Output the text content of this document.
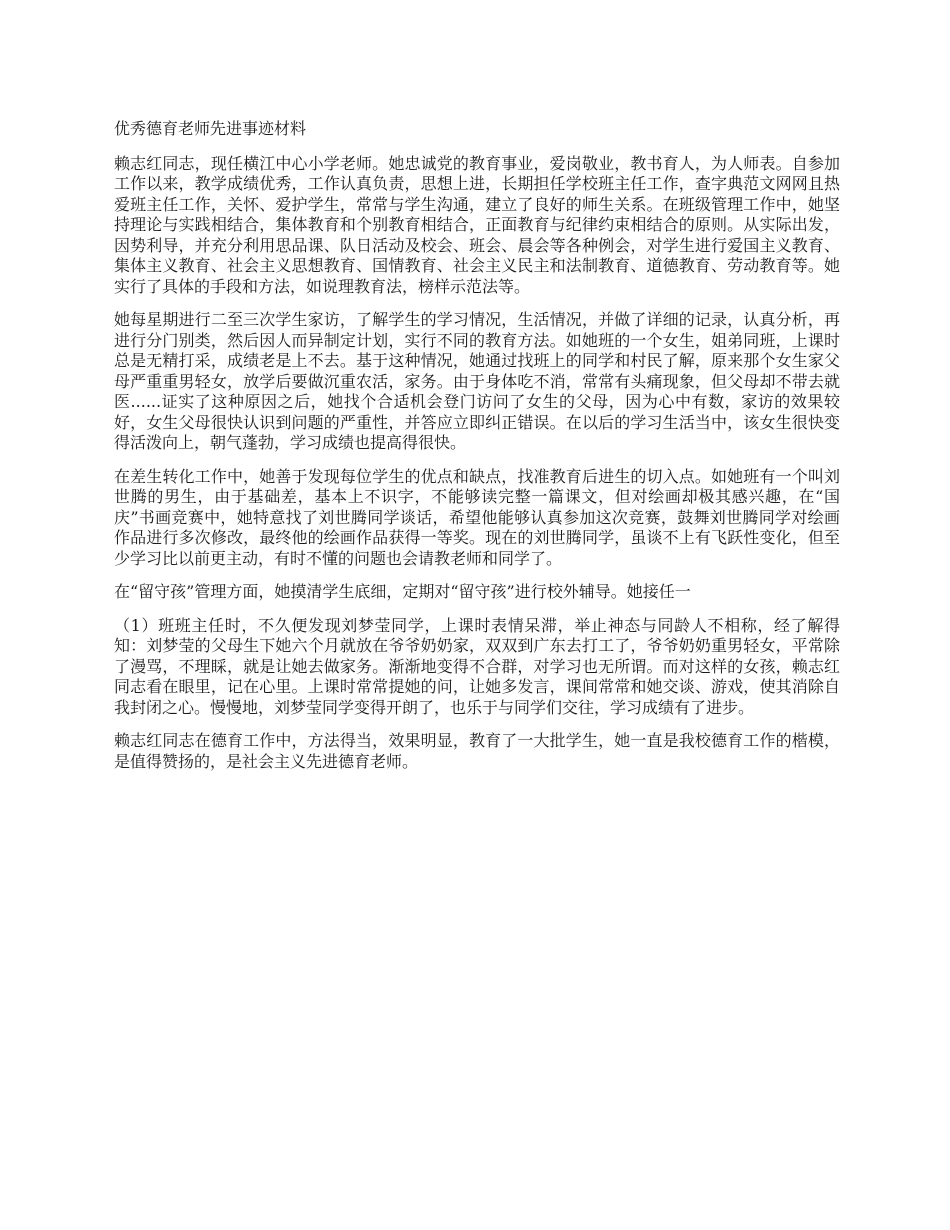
优秀德育老师先进事迹材料

赖志红同志，现任横江中心小学老师。她忠诚党的教育事业，爱岗敬业，教书育人，为人师表。自参加工作以来，教学成绩优秀，工作认真负责，思想上进，长期担任学校班主任工作，查字典范文网网且热爱班主任工作，关怀、爱护学生，常常与学生沟通，建立了良好的师生关系。在班级管理工作中，她坚持理论与实践相结合，集体教育和个别教育相结合，正面教育与纪律约束相结合的原则。从实际出发，因势利导，并充分利用思品课、队日活动及校会、班会、晨会等各种例会，对学生进行爱国主义教育、集体主义教育、社会主义思想教育、国情教育、社会主义民主和法制教育、道德教育、劳动教育等。她实行了具体的手段和方法，如说理教育法，榜样示范法等。

她每星期进行二至三次学生家访，了解学生的学习情况，生活情况，并做了详细的记录，认真分析，再进行分门别类，然后因人而异制定计划，实行不同的教育方法。如她班的一个女生，姐弟同班，上课时总是无精打采，成绩老是上不去。基于这种情况，她通过找班上的同学和村民了解，原来那个女生家父母严重重男轻女，放学后要做沉重农活，家务。由于身体吃不消，常常有头痛现象，但父母却不带去就医......证实了这种原因之后，她找个合适机会登门访问了女生的父母，因为心中有数，家访的效果较好，女生父母很快认识到问题的严重性，并答应立即纠正错误。在以后的学习生活当中，该女生很快变得活泼向上，朝气蓬勃，学习成绩也提高得很快。

在差生转化工作中，她善于发现每位学生的优点和缺点，找准教育后进生的切入点。如她班有一个叫刘世腾的男生，由于基础差，基本上不识字，不能够读完整一篇课文，但对绘画却极其感兴趣，在“国庆”书画竞赛中，她特意找了刘世腾同学谈话，希望他能够认真参加这次竞赛，鼓舞刘世腾同学对绘画作品进行多次修改，最终他的绘画作品获得一等奖。现在的刘世腾同学，虽谈不上有飞跃性变化，但至少学习比以前更主动，有时不懂的问题也会请教老师和同学了。

在“留守孩”管理方面，她摸清学生底细，定期对“留守孩”进行校外辅导。她接任一

（1）班班主任时，不久便发现刘梦莹同学，上课时表情呆滞，举止神态与同龄人不相称，经了解得知：刘梦莹的父母生下她六个月就放在爷爷奶奶家，双双到广东去打工了，爷爷奶奶重男轻女，平常除了漫骂，不理睬，就是让她去做家务。渐渐地变得不合群，对学习也无所谓。而对这样的女孩，赖志红同志看在眼里，记在心里。上课时常常提她的问，让她多发言，课间常常和她交谈、游戏，使其消除自我封闭之心。慢慢地，刘梦莹同学变得开朗了，也乐于与同学们交往，学习成绩有了进步。

赖志红同志在德育工作中，方法得当，效果明显，教育了一大批学生，她一直是我校德育工作的楷模，是值得赞扬的，是社会主义先进德育老师。
